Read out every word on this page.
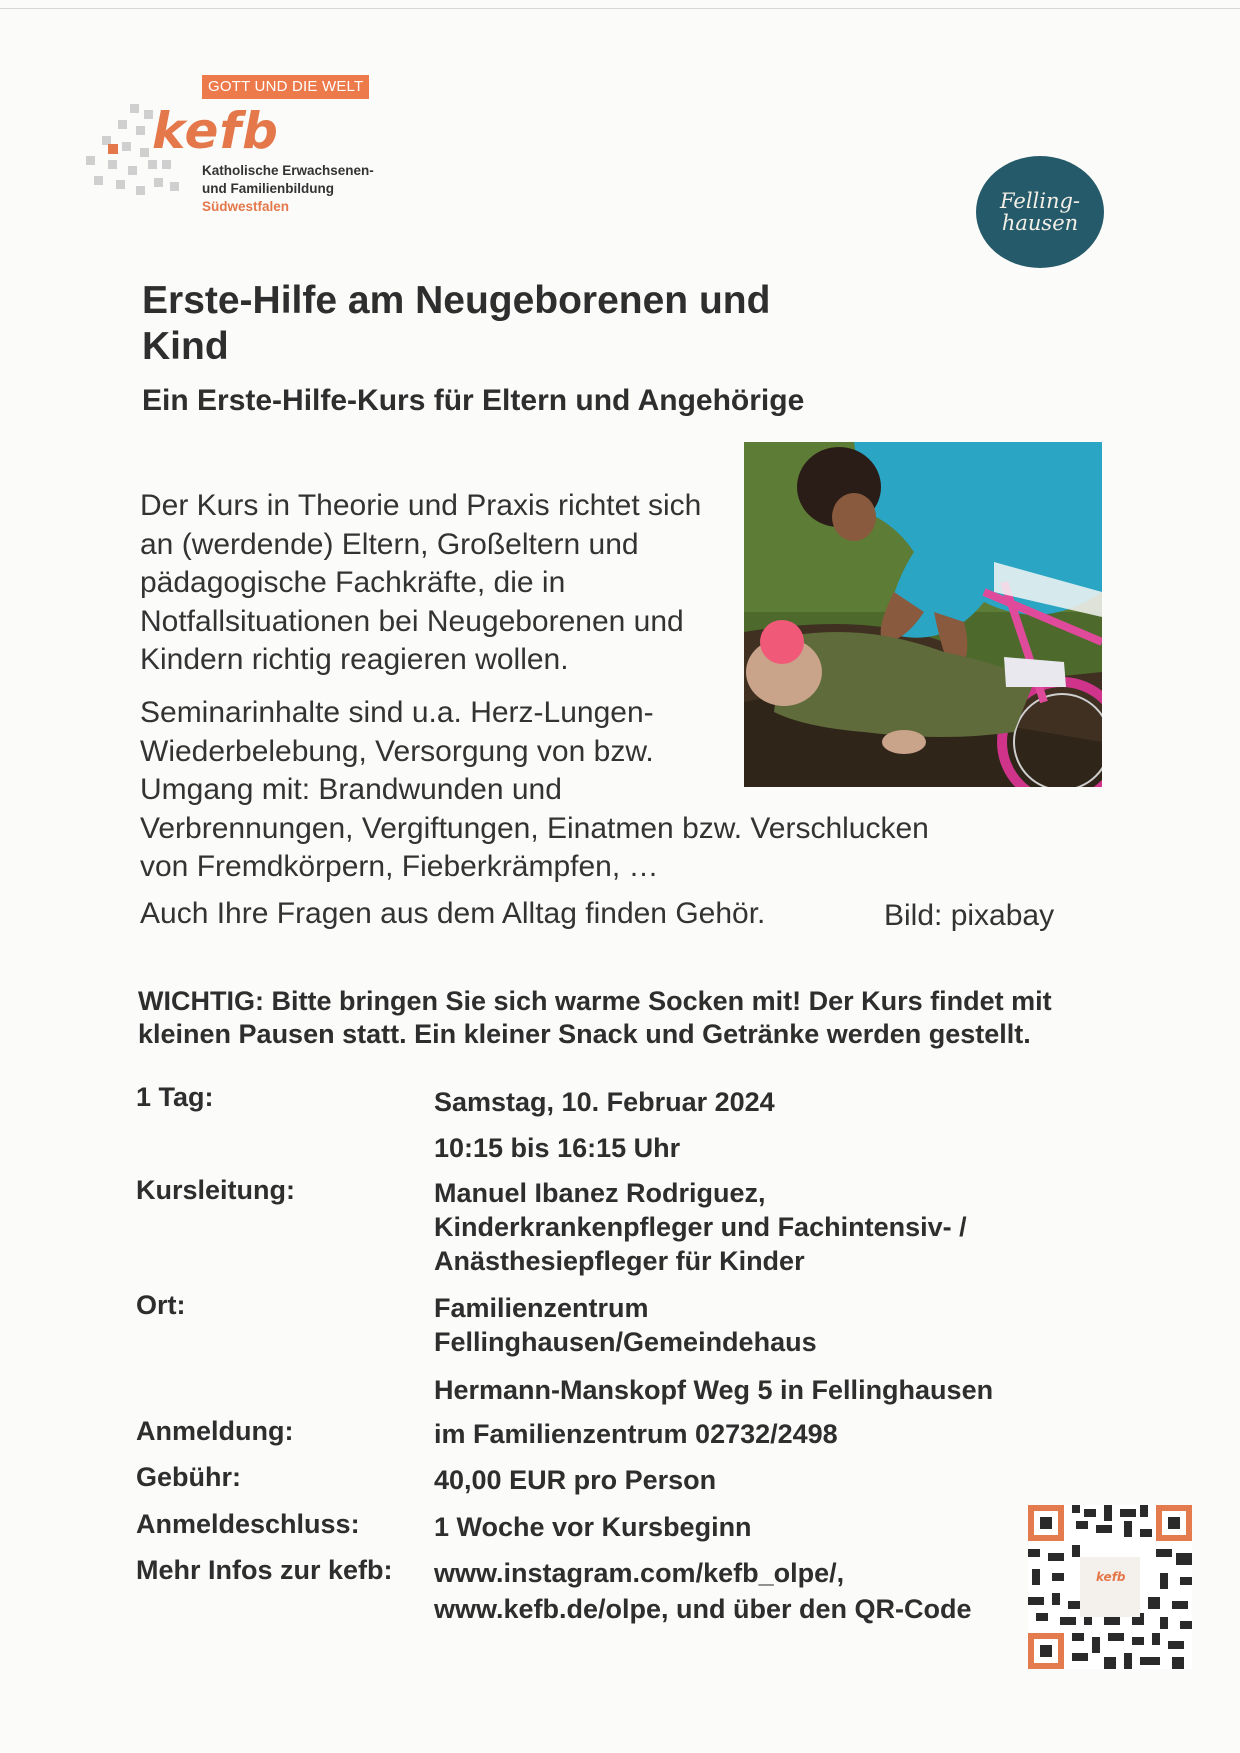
GOTT UND DIE WELT
kefb
Katholische Erwachsenen-
und Familienbildung
Südwestfalen	Felling-
hausen
Erste-Hilfe am Neugeborenen und Kind
Ein Erste-Hilfe-Kurs für Eltern und Angehörige

Der Kurs in Theorie und Praxis richtet sich an (werdende) Eltern, Großeltern und pädagogische Fachkräfte, die in Notfallsituationen bei Neugeborenen und Kindern richtig reagieren wollen.

Seminarinhalte sind u.a. Herz-Lungen-
Wiederbelebung, Versorgung von bzw.
Umgang mit: Brandwunden und
Verbrennungen, Vergiftungen, Einatmen bzw. Verschlucken
von Fremdkörpern, Fieberkrämpfen, …
Auch Ihre Fragen aus dem Alltag finden Gehör.	Bild: pixabay

WICHTIG: Bitte bringen Sie sich warme Socken mit! Der Kurs findet mit kleinen Pausen statt. Ein kleiner Snack und Getränke werden gestellt.

1 Tag:	Samstag, 10. Februar 2024
10:15 bis 16:15 Uhr
Kursleitung:	Manuel Ibanez Rodriguez,
Kinderkrankenpfleger und Fachintensiv- /
Anästhesiepfleger für Kinder
Ort:	Familienzentrum
Fellinghausen/Gemeindehaus
Hermann-Manskopf Weg 5 in Fellinghausen
Anmeldung:	im Familienzentrum 02732/2498
Gebühr:	40,00 EUR pro Person
Anmeldeschluss:	1 Woche vor Kursbeginn
Mehr Infos zur kefb: www.instagram.com/kefb_olpe/,
www.kefb.de/olpe, und über den QR-Code
kefb
